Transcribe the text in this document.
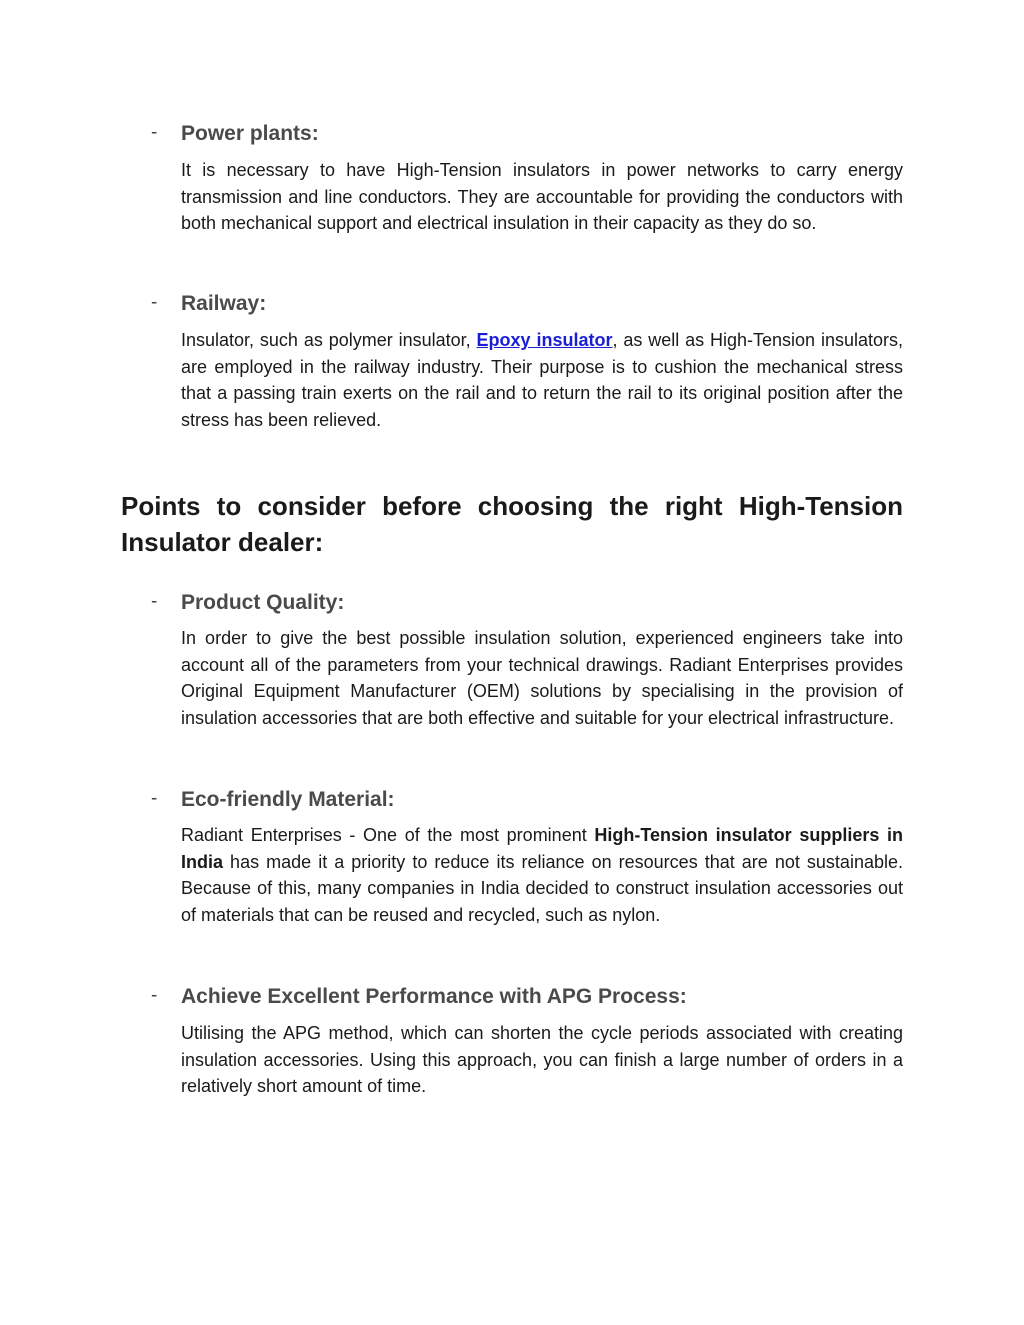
- Power plants:
It is necessary to have High-Tension insulators in power networks to carry energy transmission and line conductors. They are accountable for providing the conductors with both mechanical support and electrical insulation in their capacity as they do so.
- Railway:
Insulator, such as polymer insulator, Epoxy insulator, as well as High-Tension insulators, are employed in the railway industry. Their purpose is to cushion the mechanical stress that a passing train exerts on the rail and to return the rail to its original position after the stress has been relieved.
Points to consider before choosing the right High-Tension Insulator dealer:
- Product Quality:
In order to give the best possible insulation solution, experienced engineers take into account all of the parameters from your technical drawings. Radiant Enterprises provides Original Equipment Manufacturer (OEM) solutions by specialising in the provision of insulation accessories that are both effective and suitable for your electrical infrastructure.
- Eco-friendly Material:
Radiant Enterprises - One of the most prominent High-Tension insulator suppliers in India has made it a priority to reduce its reliance on resources that are not sustainable. Because of this, many companies in India decided to construct insulation accessories out of materials that can be reused and recycled, such as nylon.
- Achieve Excellent Performance with APG Process:
Utilising the APG method, which can shorten the cycle periods associated with creating insulation accessories. Using this approach, you can finish a large number of orders in a relatively short amount of time.
